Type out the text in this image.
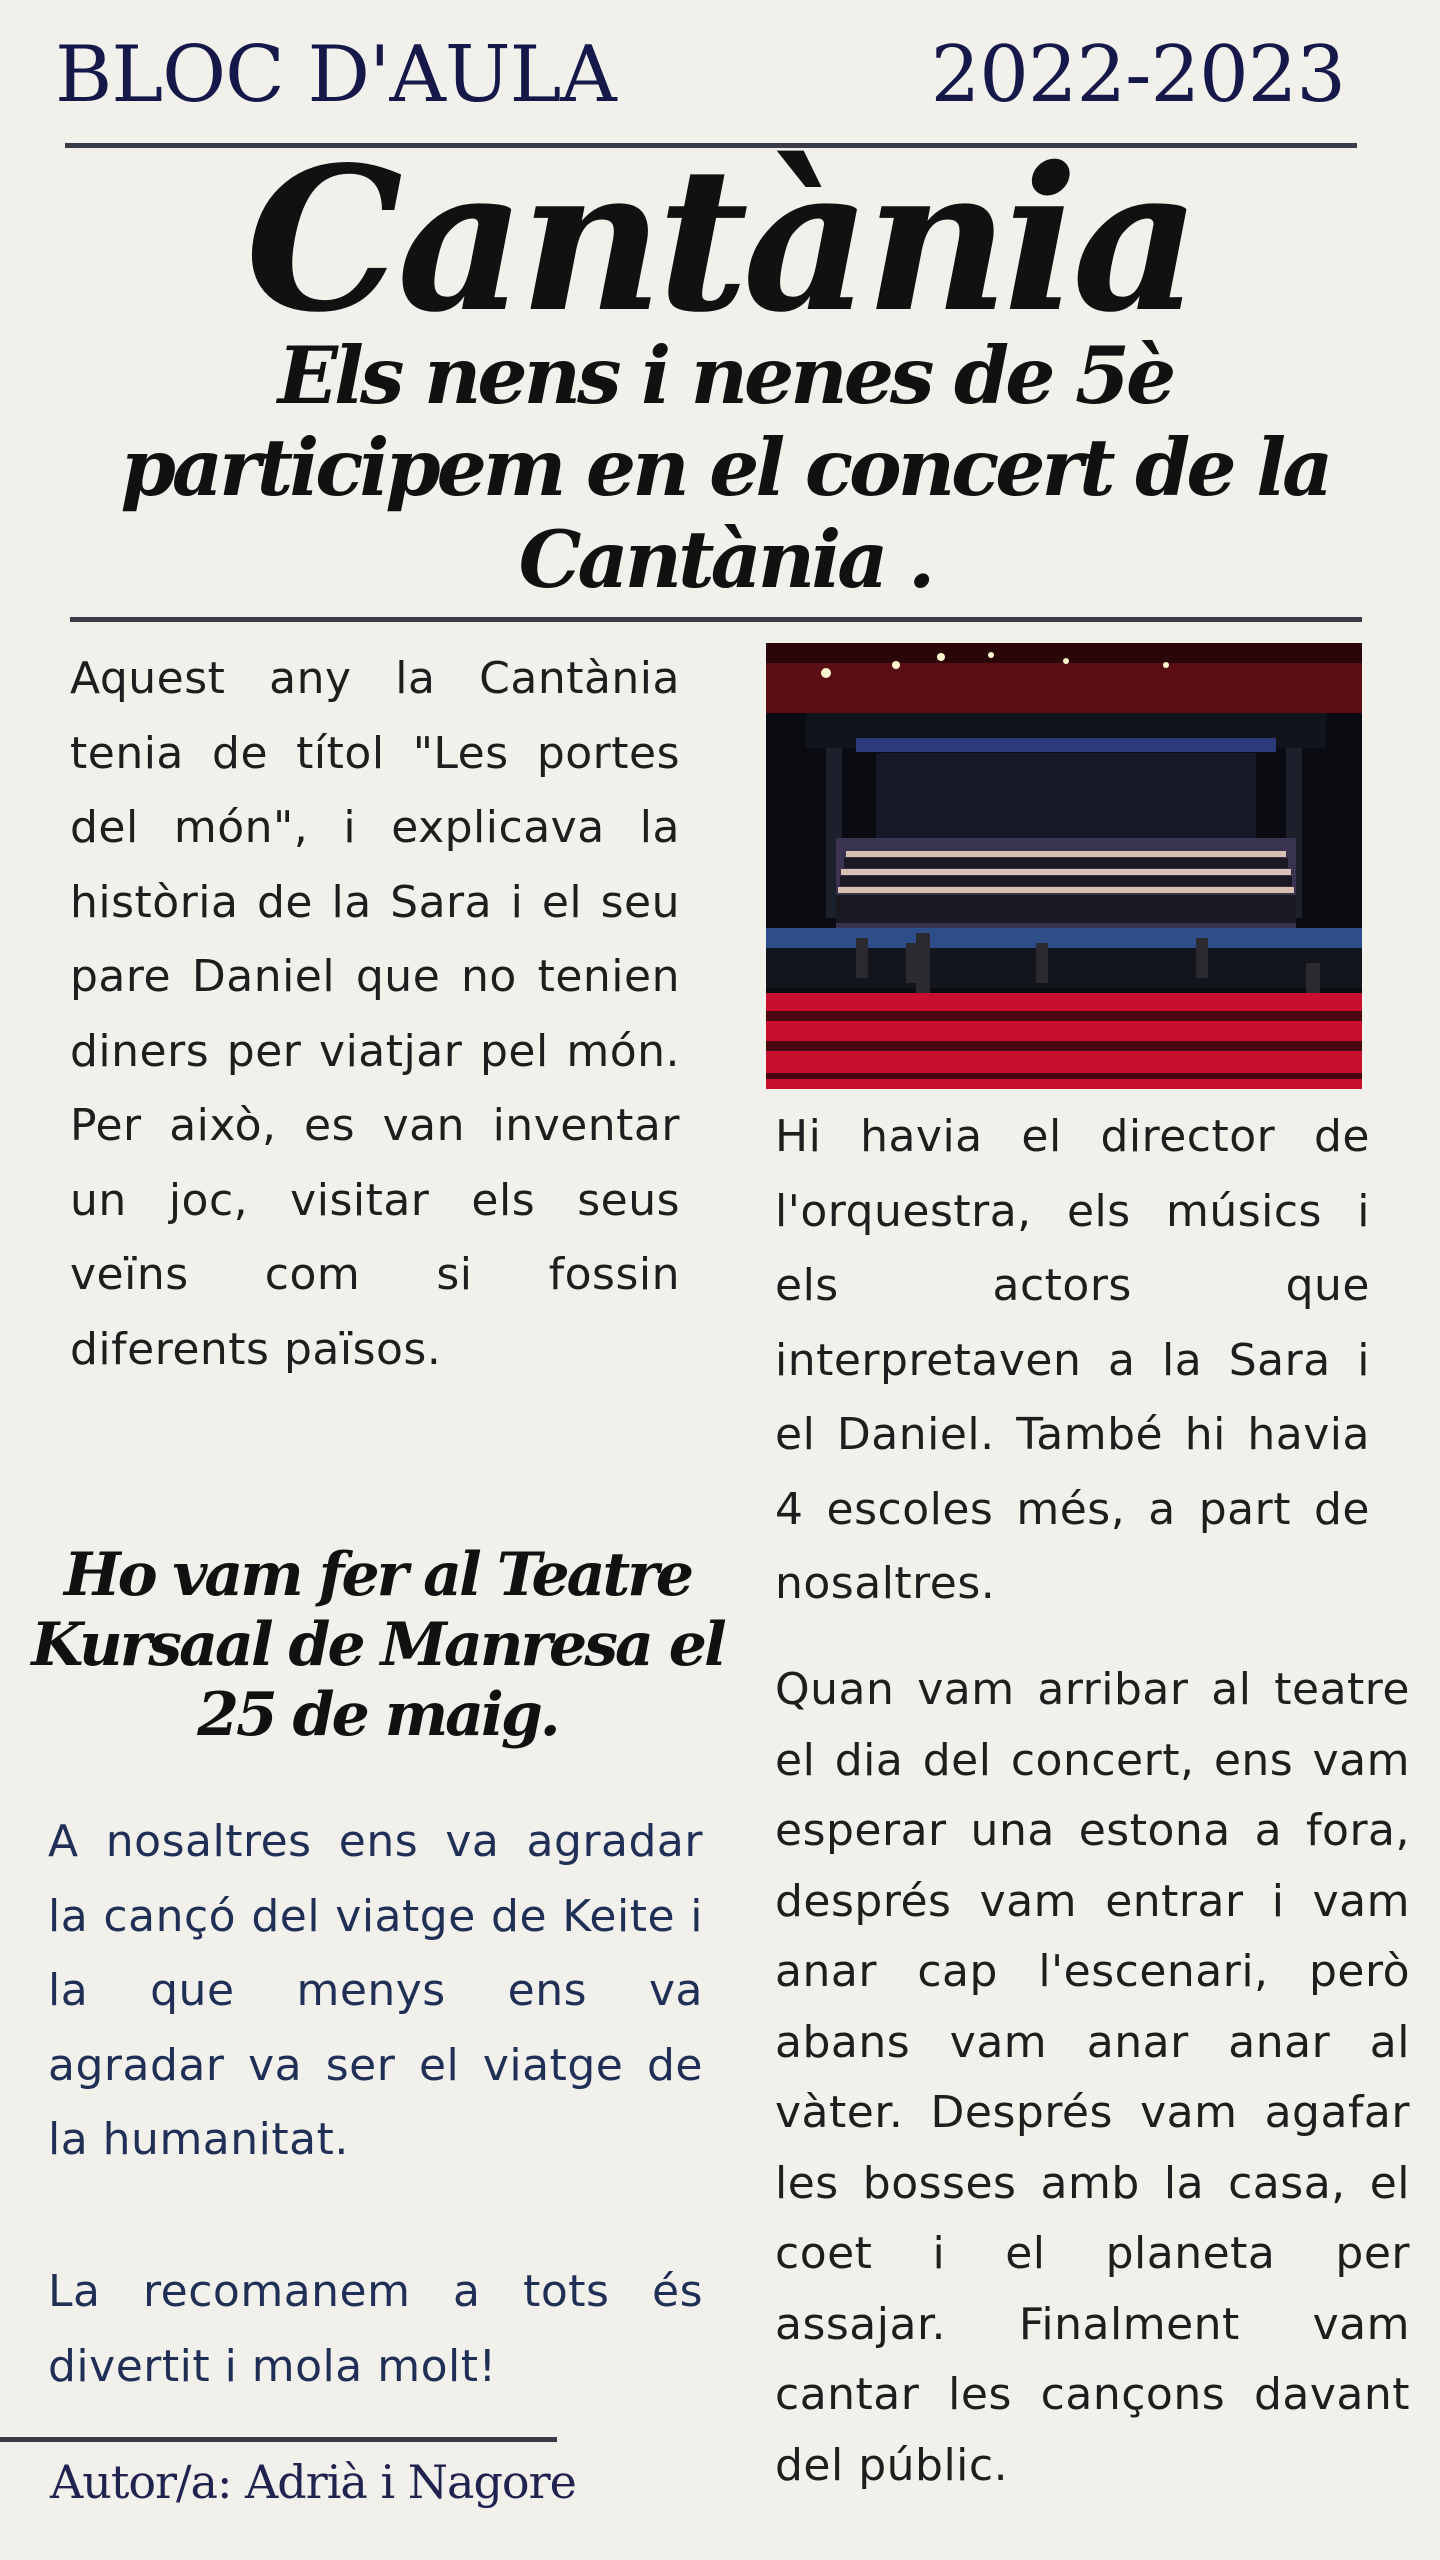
BLOC D'AULA	2022-2023
Cantània
Els nens i nenes de 5è participem en el concert de la Cantània .
Aquest any la Cantània tenia de títol "Les portes del món", i explicava la història de la Sara i el seu pare Daniel que no tenien diners per viatjar pel món. Per això, es van inventar un joc, visitar els seus veïns com si fossin diferents països.
Hi havia el director de l'orquestra, els músics i els actors que interpretaven a la Sara i el Daniel. També hi havia 4 escoles més, a part de nosaltres.
Quan vam arribar al teatre el dia del concert, ens vam esperar una estona a fora, després vam entrar i vam anar cap l'escenari, però abans vam anar anar al vàter. Després vam agafar les bosses amb la casa, el coet i el planeta per assajar. Finalment vam cantar les cançons davant del públic.
Ho vam fer al Teatre Kursaal de Manresa el 25 de maig.
A nosaltres ens va agradar la cançó del viatge de Keite i la que menys ens va agradar va ser el viatge de la humanitat.
La recomanem a tots és divertit i mola molt!
Autor/a: Adrià i Nagore
